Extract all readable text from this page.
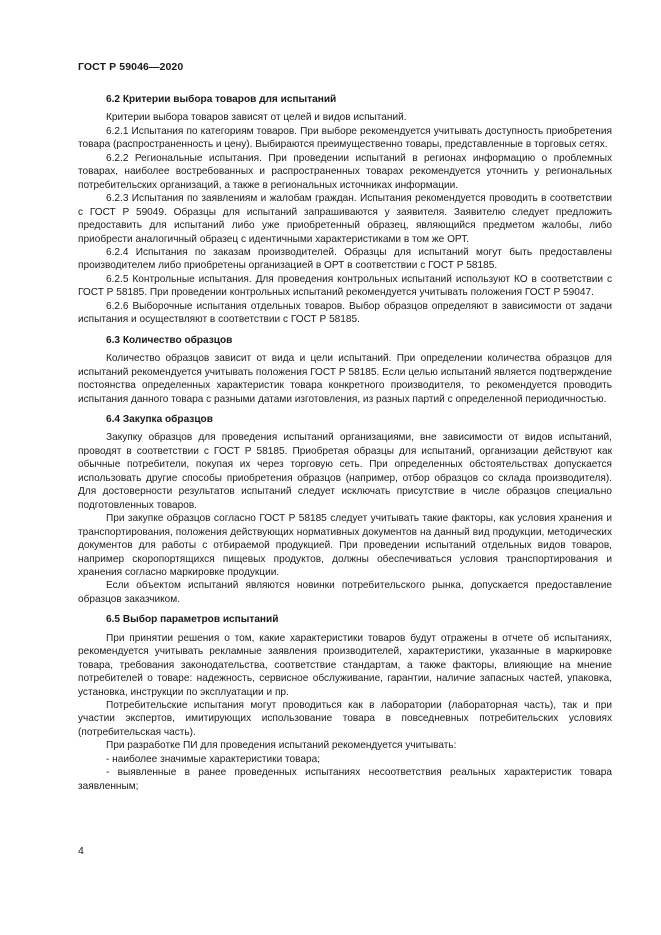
ГОСТ Р 59046—2020
6.2 Критерии выбора товаров для испытаний

Критерии выбора товаров зависят от целей и видов испытаний.

6.2.1 Испытания по категориям товаров. При выборе рекомендуется учитывать доступность приобретения товара (распространенность и цену). Выбираются преимущественно товары, представленные в торговых сетях.

6.2.2 Региональные испытания. При проведении испытаний в регионах информацию о проблемных товарах, наиболее востребованных и распространенных товарах рекомендуется уточнить у региональных потребительских организаций, а также в региональных источниках информации.

6.2.3 Испытания по заявлениям и жалобам граждан. Испытания рекомендуется проводить в соответствии с ГОСТ Р 59049. Образцы для испытаний запрашиваются у заявителя. Заявителю следует предложить предоставить для испытаний либо уже приобретенный образец, являющийся предметом жалобы, либо приобрести аналогичный образец с идентичными характеристиками в том же ОРТ.

6.2.4 Испытания по заказам производителей. Образцы для испытаний могут быть предоставлены производителем либо приобретены организацией в ОРТ в соответствии с ГОСТ Р 58185.

6.2.5 Контрольные испытания. Для проведения контрольных испытаний используют КО в соответствии с ГОСТ Р 58185. При проведении контрольных испытаний рекомендуется учитывать положения ГОСТ Р 59047.

6.2.6 Выборочные испытания отдельных товаров. Выбор образцов определяют в зависимости от задачи испытания и осуществляют в соответствии с ГОСТ Р 58185.

6.3 Количество образцов

Количество образцов зависит от вида и цели испытаний. При определении количества образцов для испытаний рекомендуется учитывать положения ГОСТ Р 58185. Если целью испытаний является подтверждение постоянства определенных характеристик товара конкретного производителя, то рекомендуется проводить испытания данного товара с разными датами изготовления, из разных партий с определенной периодичностью.

6.4 Закупка образцов

Закупку образцов для проведения испытаний организациями, вне зависимости от видов испытаний, проводят в соответствии с ГОСТ Р 58185. Приобретая образцы для испытаний, организации действуют как обычные потребители, покупая их через торговую сеть. При определенных обстоятельствах допускается использовать другие способы приобретения образцов (например, отбор образцов со склада производителя). Для достоверности результатов испытаний следует исключать присутствие в числе образцов специально подготовленных товаров.

При закупке образцов согласно ГОСТ Р 58185 следует учитывать такие факторы, как условия хранения и транспортирования, положения действующих нормативных документов на данный вид продукции, методических документов для работы с отбираемой продукцией. При проведении испытаний отдельных видов товаров, например скоропортящихся пищевых продуктов, должны обеспечиваться условия транспортирования и хранения согласно маркировке продукции.

Если объектом испытаний являются новинки потребительского рынка, допускается предоставление образцов заказчиком.

6.5 Выбор параметров испытаний

При принятии решения о том, какие характеристики товаров будут отражены в отчете об испытаниях, рекомендуется учитывать рекламные заявления производителей, характеристики, указанные в маркировке товара, требования законодательства, соответствие стандартам, а также факторы, влияющие на мнение потребителей о товаре: надежность, сервисное обслуживание, гарантии, наличие запасных частей, упаковка, установка, инструкции по эксплуатации и пр.

Потребительские испытания могут проводиться как в лаборатории (лабораторная часть), так и при участии экспертов, имитирующих использование товара в повседневных потребительских условиях (потребительская часть).

При разработке ПИ для проведения испытаний рекомендуется учитывать:

- наиболее значимые характеристики товара;

- выявленные в ранее проведенных испытаниях несоответствия реальных характеристик товара заявленным;

4
